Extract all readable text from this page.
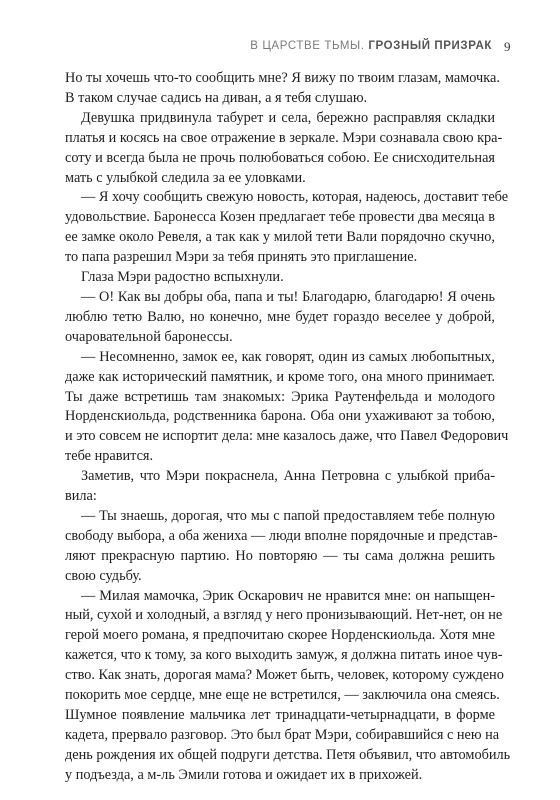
В ЦАРСТВЕ ТЬМЫ. ГРОЗНЫЙ ПРИЗРАК 9
Но ты хочешь что-то сообщить мне? Я вижу по твоим глазам, мамочка.
В таком случае садись на диван, а я тебя слушаю.
Девушка придвинула табурет и села, бережно расправляя складки
платья и косясь на свое отражение в зеркале. Мэри сознавала свою кра-
соту и всегда была не прочь полюбоваться собою. Ее снисходительная
мать с улыбкой следила за ее уловками.
— Я хочу сообщить свежую новость, которая, надеюсь, доставит тебе
удовольствие. Баронесса Козен предлагает тебе провести два месяца в
ее замке около Ревеля, а так как у милой тети Вали порядочно скучно,
то папа разрешил Мэри за тебя принять это приглашение.
Глаза Мэри радостно вспыхнули.
— О! Как вы добры оба, папа и ты! Благодарю, благодарю! Я очень
люблю тетю Валю, но конечно, мне будет гораздо веселее у доброй,
очаровательной баронессы.
— Несомненно, замок ее, как говорят, один из самых любопытных,
даже как исторический памятник, и кроме того, она много принимает.
Ты даже встретишь там знакомых: Эрика Раутенфельда и молодого
Норденскиольда, родственника барона. Оба они ухаживают за тобою,
и это совсем не испортит дела: мне казалось даже, что Павел Федорович
тебе нравится.
Заметив, что Мэри покраснела, Анна Петровна с улыбкой приба-
вила:
— Ты знаешь, дорогая, что мы с папой предоставляем тебе полную
свободу выбора, а оба жениха — люди вполне порядочные и представ-
ляют прекрасную партию. Но повторяю — ты сама должна решить
свою судьбу.
— Милая мамочка, Эрик Оскарович не нравится мне: он напыщен-
ный, сухой и холодный, а взгляд у него пронизывающий. Нет-нет, он не
герой моего романа, я предпочитаю скорее Норденскиольда. Хотя мне
кажется, что к тому, за кого выходить замуж, я должна питать иное чув-
ство. Как знать, дорогая мама? Может быть, человек, которому суждено
покорить мое сердце, мне еще не встретился, — заключила она смеясь.
Шумное появление мальчика лет тринадцати-четырнадцати, в форме
кадета, прервало разговор. Это был брат Мэри, собиравшийся с нею на
день рождения их общей подруги детства. Петя объявил, что автомобиль
у подъезда, а м-ль Эмили готова и ожидает их в прихожей.
